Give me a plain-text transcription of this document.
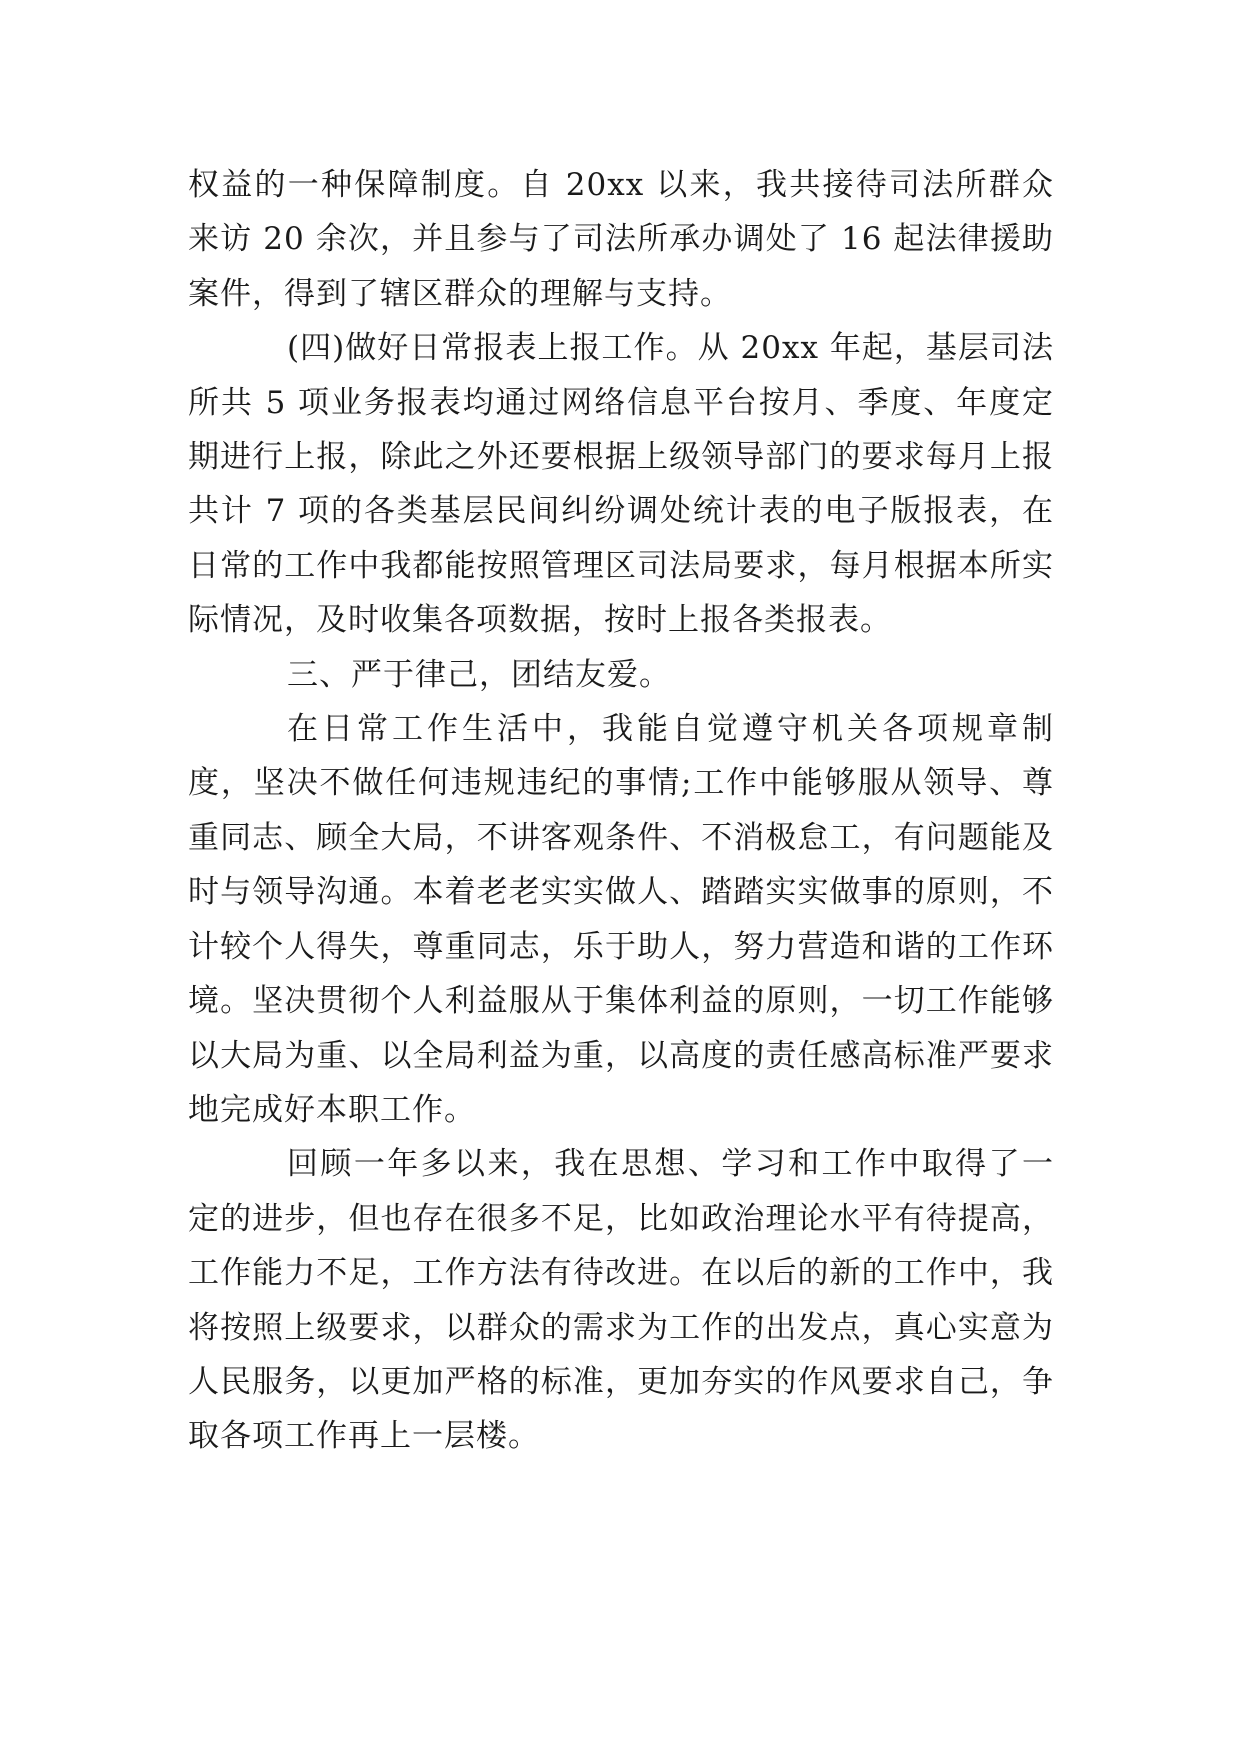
权益的一种保障制度。自 20xx 以来，我共接待司法所群众来访 20 余次，并且参与了司法所承办调处了 16 起法律援助案件，得到了辖区群众的理解与支持。

(四)做好日常报表上报工作。从 20xx 年起，基层司法所共 5 项业务报表均通过网络信息平台按月、季度、年度定期进行上报，除此之外还要根据上级领导部门的要求每月上报共计 7 项的各类基层民间纠纷调处统计表的电子版报表，在日常的工作中我都能按照管理区司法局要求，每月根据本所实际情况，及时收集各项数据，按时上报各类报表。

三、严于律己，团结友爱。

在日常工作生活中，我能自觉遵守机关各项规章制度，坚决不做任何违规违纪的事情;工作中能够服从领导、尊重同志、顾全大局，不讲客观条件、不消极怠工，有问题能及时与领导沟通。本着老老实实做人、踏踏实实做事的原则，不计较个人得失，尊重同志，乐于助人，努力营造和谐的工作环境。坚决贯彻个人利益服从于集体利益的原则，一切工作能够以大局为重、以全局利益为重，以高度的责任感高标准严要求地完成好本职工作。

回顾一年多以来，我在思想、学习和工作中取得了一定的进步，但也存在很多不足，比如政治理论水平有待提高，工作能力不足，工作方法有待改进。在以后的新的工作中，我将按照上级要求，以群众的需求为工作的出发点，真心实意为人民服务，以更加严格的标准，更加夯实的作风要求自己，争取各项工作再上一层楼。
